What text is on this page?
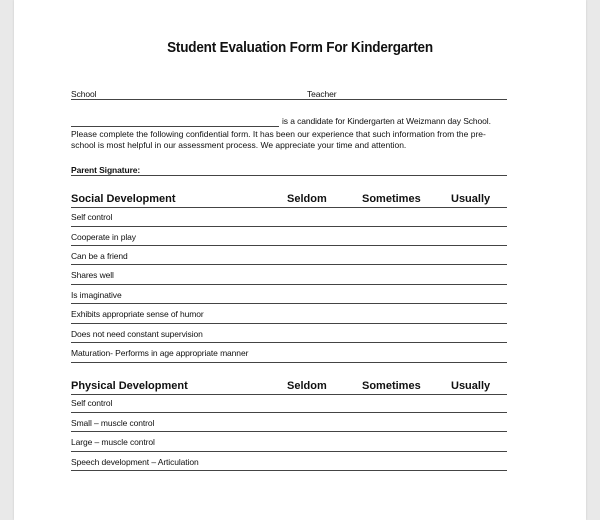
Student Evaluation Form For Kindergarten
School	Teacher
is a candidate for Kindergarten at Weizmann day School.
Please complete the following confidential form. It has been our experience that such information from the pre-
school is most helpful in our assessment process. We appreciate your time and attention.
Parent Signature:
Social Development	Seldom	Sometimes	Usually
Self control
Cooperate in play
Can be a friend
Shares well
Is imaginative
Exhibits appropriate sense of humor
Does not need constant supervision
Maturation- Performs in age appropriate manner
Physical Development	Seldom	Sometimes	Usually
Self control
Small – muscle control
Large – muscle control
Speech development – Articulation
